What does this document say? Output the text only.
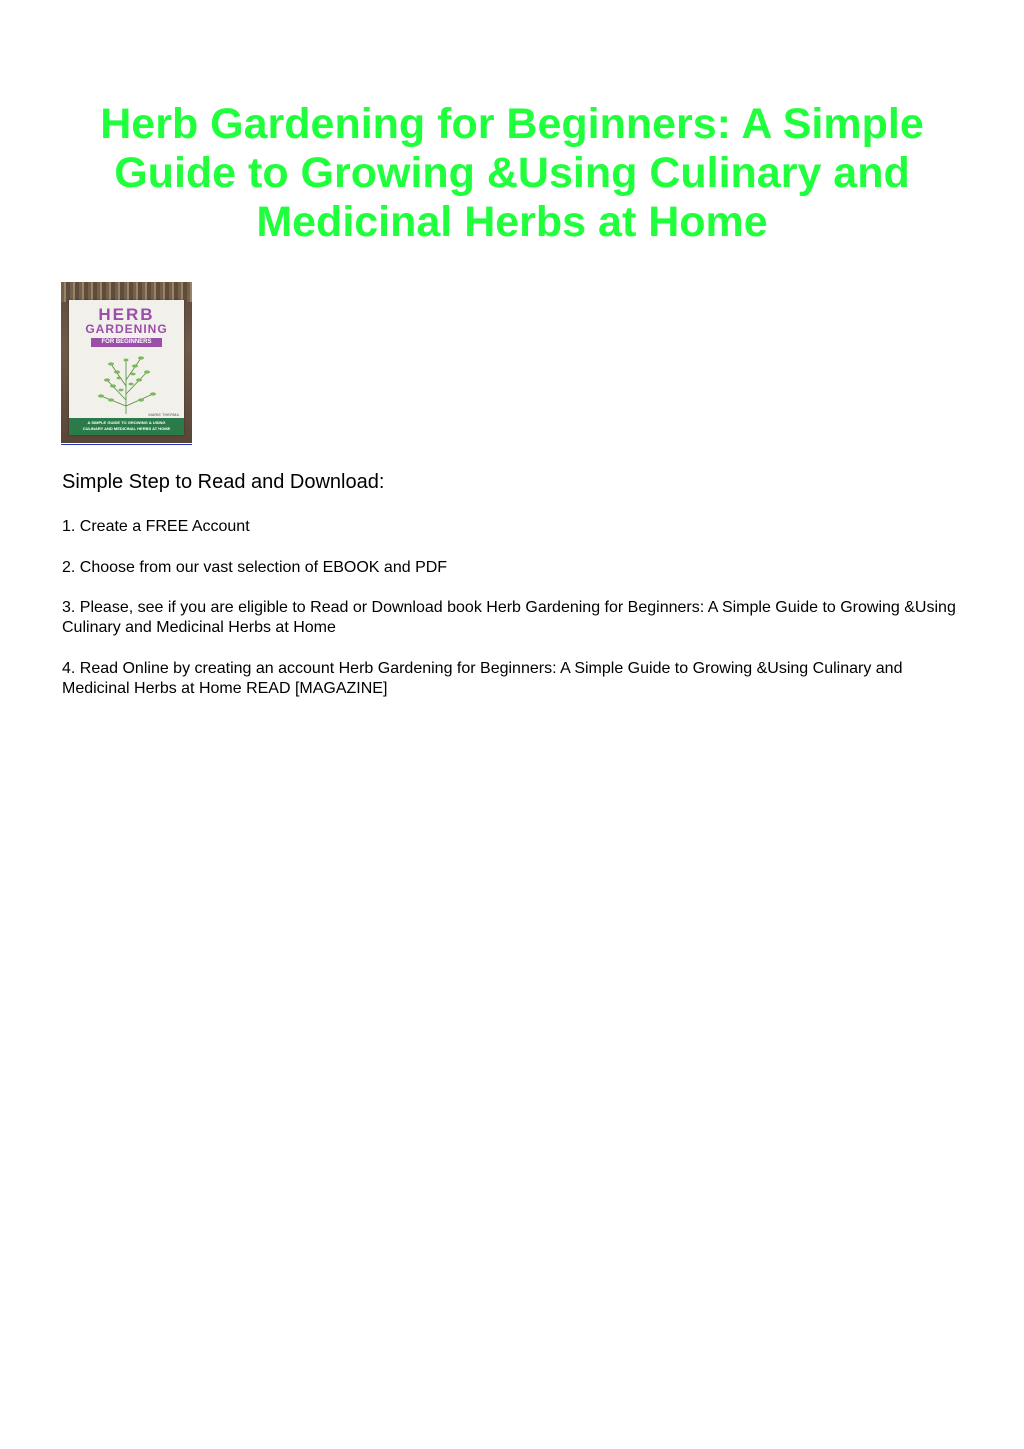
Herb Gardening for Beginners: A Simple Guide to Growing &Using Culinary and Medicinal Herbs at Home
HERB
GARDENING
FOR BEGINNERS
MARIE THERMA
A SIMPLE GUIDE TO GROWING & USING
CULINARY AND MEDICINAL HERBS AT HOME
Simple Step to Read and Download:

1. Create a FREE Account

2. Choose from our vast selection of EBOOK and PDF

3. Please, see if you are eligible to Read or Download book Herb Gardening for Beginners: A Simple Guide to Growing &Using Culinary and Medicinal Herbs at Home

4. Read Online by creating an account Herb Gardening for Beginners: A Simple Guide to Growing &Using Culinary and Medicinal Herbs at Home READ [MAGAZINE]
